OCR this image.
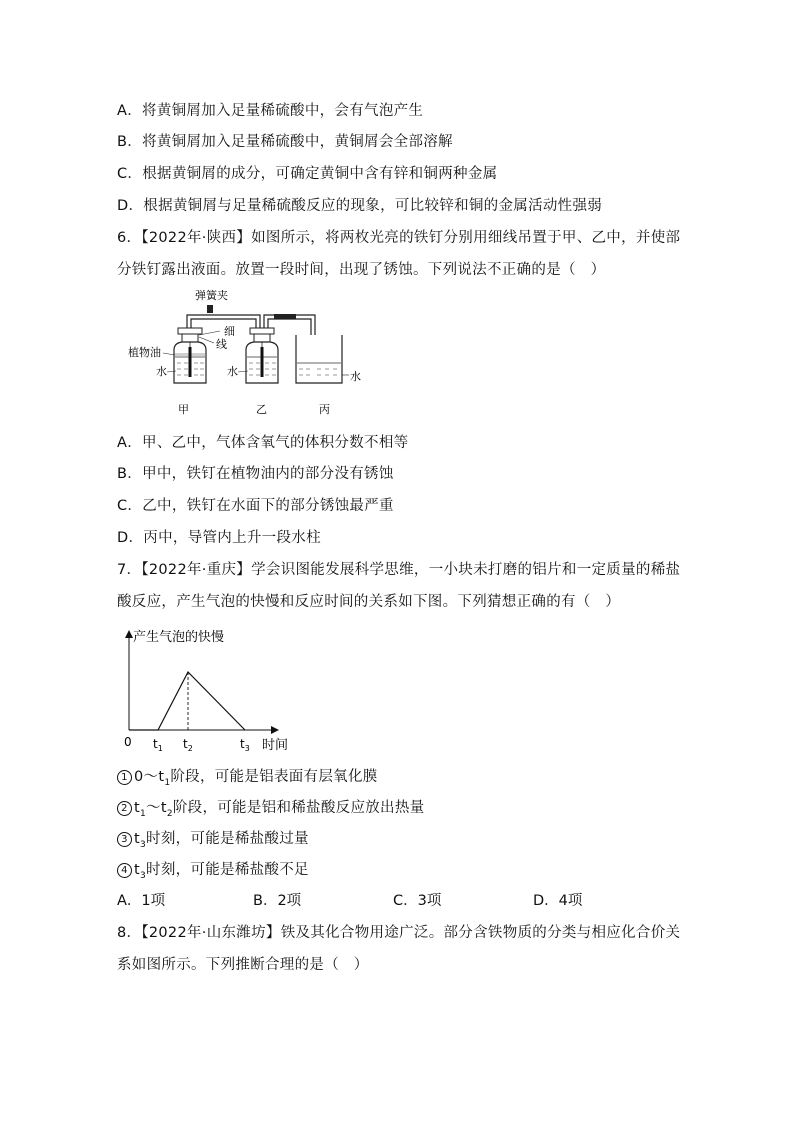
A．将黄铜屑加入足量稀硫酸中，会有气泡产生
B．将黄铜屑加入足量稀硫酸中，黄铜屑会全部溶解
C．根据黄铜屑的成分，可确定黄铜中含有锌和铜两种金属
D．根据黄铜屑与足量稀硫酸反应的现象，可比较锌和铜的金属活动性强弱
6．【2022年·陕西】如图所示，将两枚光亮的铁钉分别用细线吊置于甲、乙中，并使部
分铁钉露出液面。放置一段时间，出现了锈蚀。下列说法不正确的是（　）
弹簧夹
细
线
植物油
水	水	水
甲	乙	丙
A．甲、乙中，气体含氧气的体积分数不相等
B．甲中，铁钉在植物油内的部分没有锈蚀
C．乙中，铁钉在水面下的部分锈蚀最严重
D．丙中，导管内上升一段水柱
7．【2022年·重庆】学会识图能发展科学思维，一小块未打磨的铝片和一定质量的稀盐
酸反应，产生气泡的快慢和反应时间的关系如下图。下列猜想正确的有（　）
产生气泡的快慢
时间
0 $t_1$ $t_2$	$t_3$
1 $0\sim t_1$阶段，可能是铝表面有层氧化膜
2 $t_1\sim t_2$阶段，可能是铝和稀盐酸反应放出热量
3 $t_3$时刻，可能是稀盐酸过量
4 $t_3$时刻，可能是稀盐酸不足
A．1项	B．2项	C．3项	D．4项
8．【2022年·山东潍坊】铁及其化合物用途广泛。部分含铁物质的分类与相应化合价关
系如图所示。下列推断合理的是（　）
